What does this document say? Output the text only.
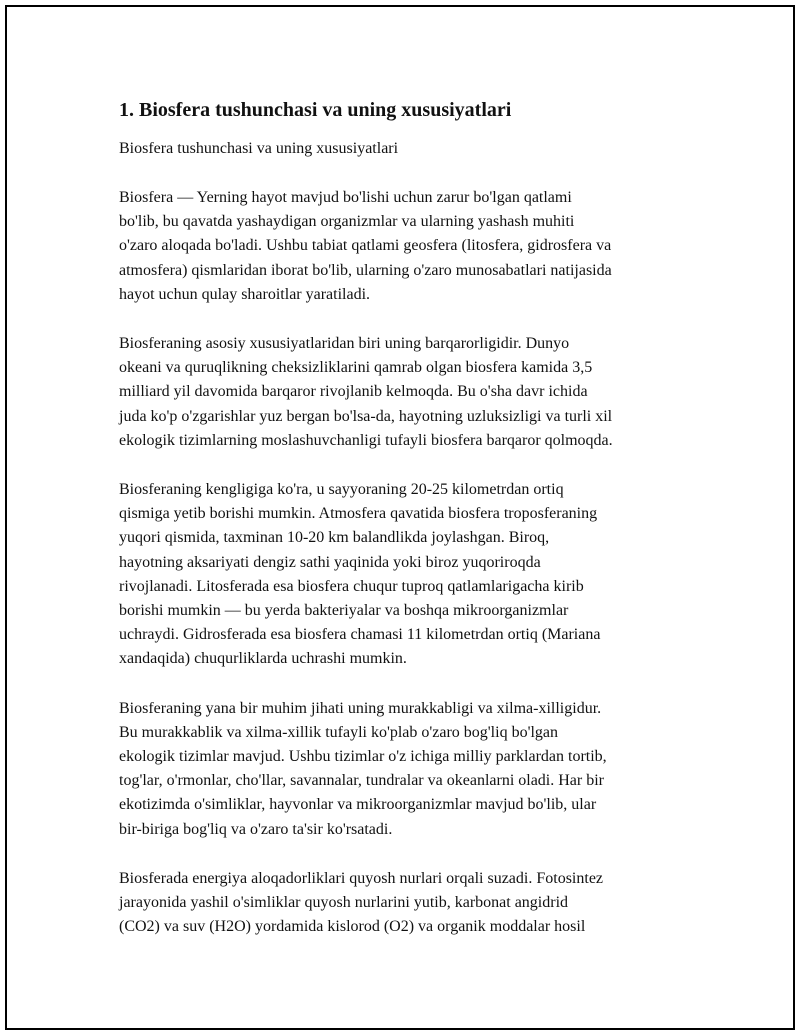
1. Biosfera tushunchasi va uning xususiyatlari

Biosfera tushunchasi va uning xususiyatlari

Biosfera — Yerning hayot mavjud bo'lishi uchun zarur bo'lgan qatlami
bo'lib, bu qavatda yashaydigan organizmlar va ularning yashash muhiti
o'zaro aloqada bo'ladi. Ushbu tabiat qatlami geosfera (litosfera, gidrosfera va
atmosfera) qismlaridan iborat bo'lib, ularning o'zaro munosabatlari natijasida
hayot uchun qulay sharoitlar yaratiladi.

Biosferaning asosiy xususiyatlaridan biri uning barqarorligidir. Dunyo
okeani va quruqlikning cheksizliklarini qamrab olgan biosfera kamida 3,5
milliard yil davomida barqaror rivojlanib kelmoqda. Bu o'sha davr ichida
juda ko'p o'zgarishlar yuz bergan bo'lsa-da, hayotning uzluksizligi va turli xil
ekologik tizimlarning moslashuvchanligi tufayli biosfera barqaror qolmoqda.

Biosferaning kengligiga ko'ra, u sayyoraning 20-25 kilometrdan ortiq
qismiga yetib borishi mumkin. Atmosfera qavatida biosfera troposferaning
yuqori qismida, taxminan 10-20 km balandlikda joylashgan. Biroq,
hayotning aksariyati dengiz sathi yaqinida yoki biroz yuqoriroqda
rivojlanadi. Litosferada esa biosfera chuqur tuproq qatlamlarigacha kirib
borishi mumkin — bu yerda bakteriyalar va boshqa mikroorganizmlar
uchraydi. Gidrosferada esa biosfera chamasi 11 kilometrdan ortiq (Mariana
xandaqida) chuqurliklarda uchrashi mumkin.

Biosferaning yana bir muhim jihati uning murakkabligi va xilma-xilligidur.
Bu murakkablik va xilma-xillik tufayli ko'plab o'zaro bog'liq bo'lgan
ekologik tizimlar mavjud. Ushbu tizimlar o'z ichiga milliy parklardan tortib,
tog'lar, o'rmonlar, cho'llar, savannalar, tundralar va okeanlarni oladi. Har bir
ekotizimda o'simliklar, hayvonlar va mikroorganizmlar mavjud bo'lib, ular
bir-biriga bog'liq va o'zaro ta'sir ko'rsatadi.

Biosferada energiya aloqadorliklari quyosh nurlari orqali suzadi. Fotosintez
jarayonida yashil o'simliklar quyosh nurlarini yutib, karbonat angidrid
(CO2) va suv (H2O) yordamida kislorod (O2) va organik moddalar hosil
